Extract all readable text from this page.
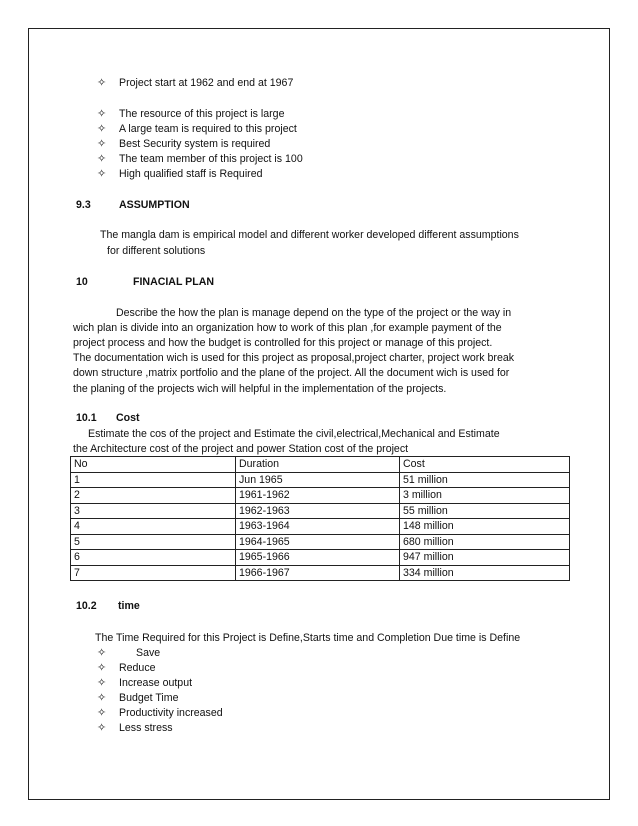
✧ Project start at 1962 and end at 1967
✧ The resource of this project is large
✧ A large team is required to this project
✧ Best Security system is required
✧ The team member of this project is 100
✧ High qualified staff is Required
9.3	ASSUMPTION
The mangla dam is empirical model and different worker developed different assumptions
for different solutions
10	FINACIAL PLAN
Describe the how the plan is manage depend on the type of the project or the way in
wich plan is divide into an organization how to work of this plan ,for example payment of the
project process and how the budget is controlled for this project or manage of this project.
The documentation wich is used for this project as proposal,project charter, project work break
down structure ,matrix portfolio and the plane of the project. All the document wich is used for
the planing of the projects wich will helpful in the implementation of the projects.
10.1 Cost
Estimate the cos of the project and Estimate the civil,electrical,Mechanical and Estimate
the Architecture cost of the project and power Station cost of the project
No	Duration	Cost
1	Jun 1965	51 million
2	1961-1962	3 million
3	1962-1963	55 million
4	1963-1964	148 million
5	1964-1965	680 million
6	1965-1966	947 million
7	1966-1967	334 million
10.2 time
The Time Required for this Project is Define,Starts time and Completion Due time is Define
✧	Save
✧ Reduce
✧ Increase output
✧ Budget Time
✧ Productivity increased
✧ Less stress
